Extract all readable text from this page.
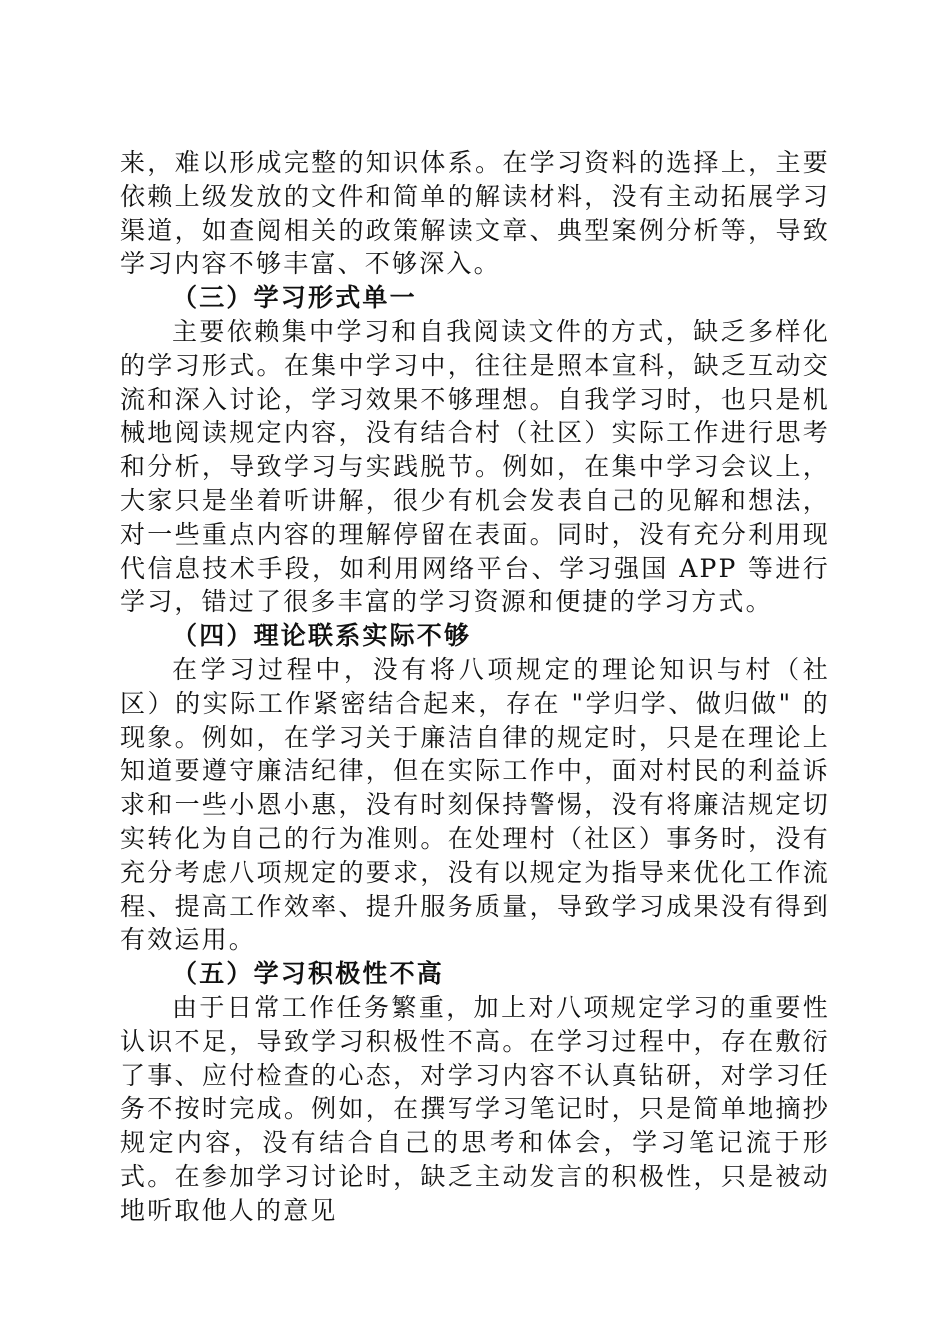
来，难以形成完整的知识体系。在学习资料的选择上，主要依赖上级发放的文件和简单的解读材料，没有主动拓展学习渠道，如查阅相关的政策解读文章、典型案例分析等，导致学习内容不够丰富、不够深入。

（三）学习形式单一

主要依赖集中学习和自我阅读文件的方式，缺乏多样化的学习形式。在集中学习中，往往是照本宣科，缺乏互动交流和深入讨论，学习效果不够理想。自我学习时，也只是机械地阅读规定内容，没有结合村（社区）实际工作进行思考和分析，导致学习与实践脱节。例如，在集中学习会议上，大家只是坐着听讲解，很少有机会发表自己的见解和想法，对一些重点内容的理解停留在表面。同时，没有充分利用现代信息技术手段，如利用网络平台、学习强国 APP 等进行学习，错过了很多丰富的学习资源和便捷的学习方式。

（四）理论联系实际不够

在学习过程中，没有将八项规定的理论知识与村（社区）的实际工作紧密结合起来，存在 "学归学、做归做" 的现象。例如，在学习关于廉洁自律的规定时，只是在理论上知道要遵守廉洁纪律，但在实际工作中，面对村民的利益诉求和一些小恩小惠，没有时刻保持警惕，没有将廉洁规定切实转化为自己的行为准则。在处理村（社区）事务时，没有充分考虑八项规定的要求，没有以规定为指导来优化工作流程、提高工作效率、提升服务质量，导致学习成果没有得到有效运用。

（五）学习积极性不高

由于日常工作任务繁重，加上对八项规定学习的重要性认识不足，导致学习积极性不高。在学习过程中，存在敷衍了事、应付检查的心态，对学习内容不认真钻研，对学习任务不按时完成。例如，在撰写学习笔记时，只是简单地摘抄规定内容，没有结合自己的思考和体会，学习笔记流于形式。在参加学习讨论时，缺乏主动发言的积极性，只是被动地听取他人的意见
